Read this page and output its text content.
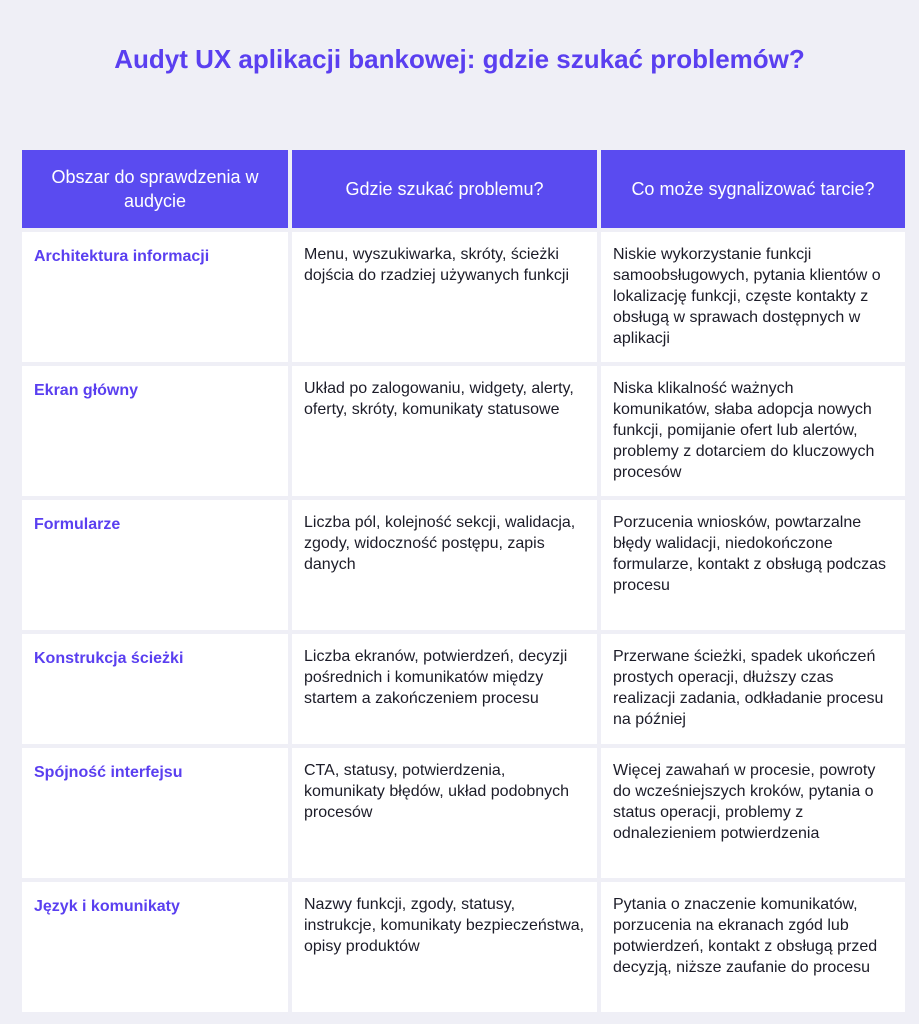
Audyt UX aplikacji bankowej: gdzie szukać problemów?
Obszar do sprawdzenia w audycie	Gdzie szukać problemu?	Co może sygnalizować tarcie?
Architektura informacji	Menu, wyszukiwarka, skróty, ścieżki dojścia do rzadziej używanych funkcji	Niskie wykorzystanie funkcji samoobsługowych, pytania klientów o lokalizację funkcji, częste kontakty z obsługą w sprawach dostępnych w aplikacji
Ekran główny	Układ po zalogowaniu, widgety, alerty, oferty, skróty, komunikaty statusowe	Niska klikalność ważnych komunikatów, słaba adopcja nowych funkcji, pomijanie ofert lub alertów, problemy z dotarciem do kluczowych procesów
Formularze	Liczba pól, kolejność sekcji, walidacja, zgody, widoczność postępu, zapis danych	Porzucenia wniosków, powtarzalne błędy walidacji, niedokończone formularze, kontakt z obsługą podczas procesu
Konstrukcja ścieżki	Liczba ekranów, potwierdzeń, decyzji pośrednich i komunikatów między startem a zakończeniem procesu	Przerwane ścieżki, spadek ukończeń prostych operacji, dłuższy czas realizacji zadania, odkładanie procesu na później
Spójność interfejsu	CTA, statusy, potwierdzenia, komunikaty błędów, układ podobnych procesów	Więcej zawahań w procesie, powroty do wcześniejszych kroków, pytania o status operacji, problemy z odnalezieniem potwierdzenia
Język i komunikaty	Nazwy funkcji, zgody, statusy, instrukcje, komunikaty bezpieczeństwa, opisy produktów	Pytania o znaczenie komunikatów, porzucenia na ekranach zgód lub potwierdzeń, kontakt z obsługą przed decyzją, niższe zaufanie do procesu
